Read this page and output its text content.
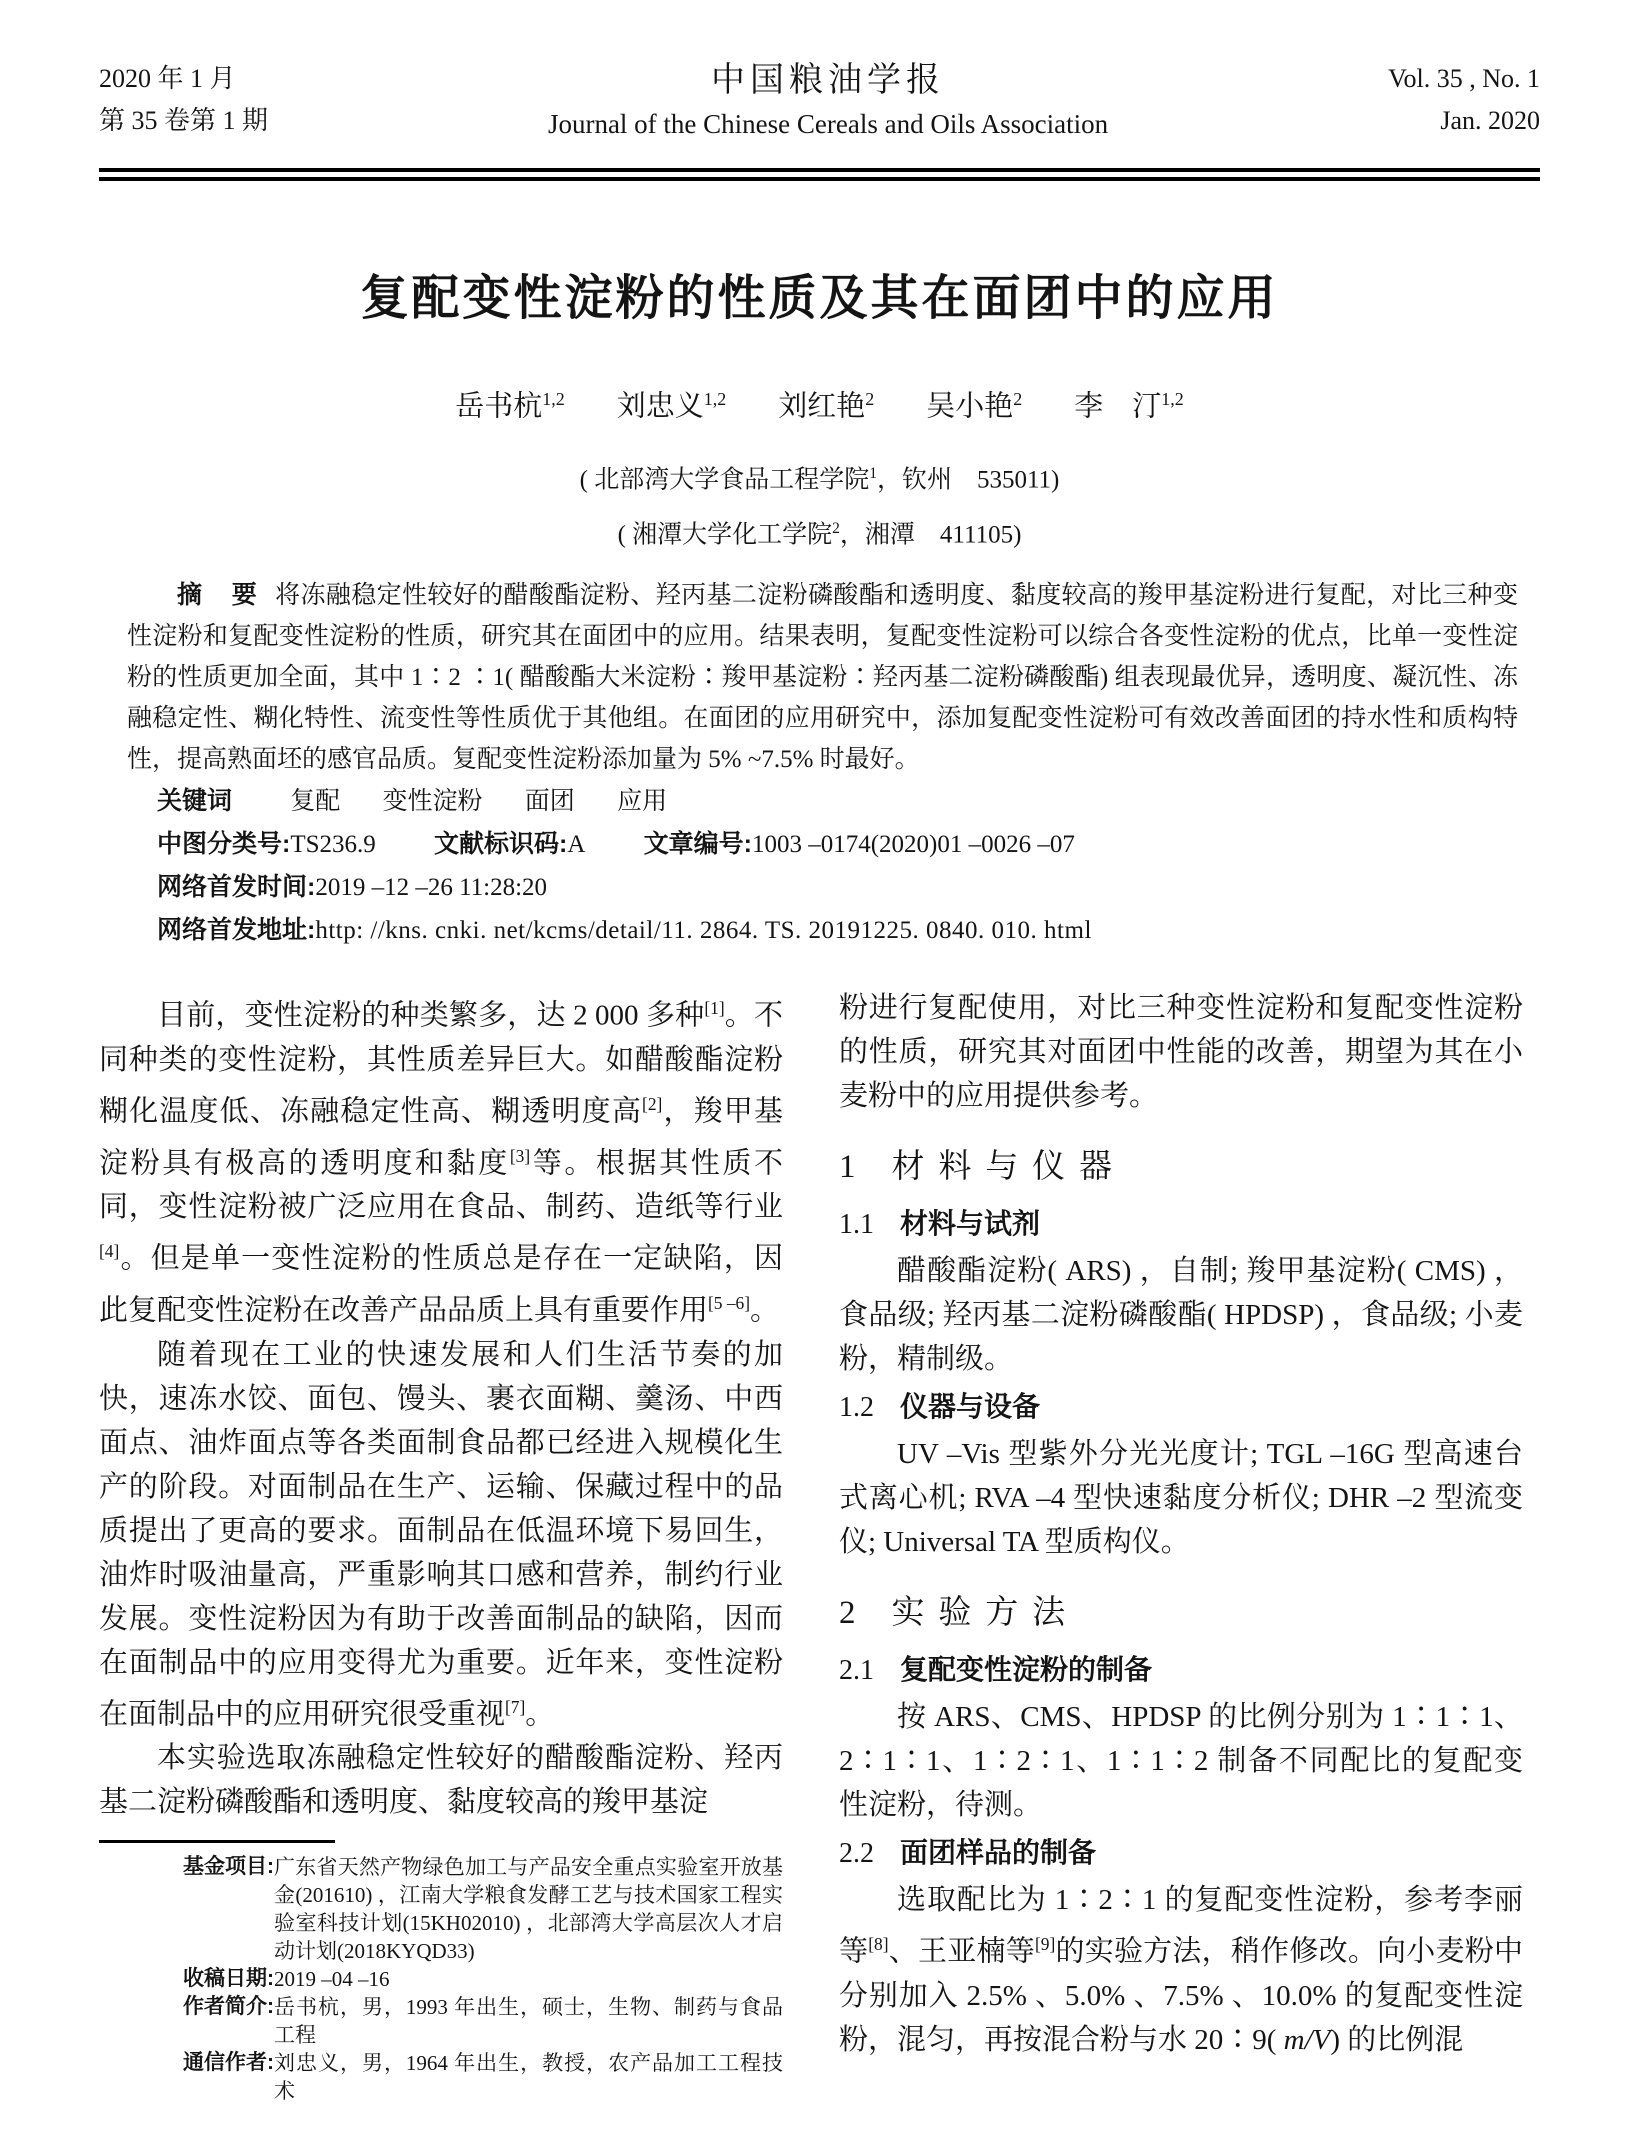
2020 年 1 月
第 35 卷第 1 期
中国粮油学报
Journal of the Chinese Cereals and Oils Association
Vol. 35 , No. 1
Jan. 2020
复配变性淀粉的性质及其在面团中的应用
岳书杭$^{1,2}$ 刘忠义$^{1,2}$ 刘红艳$^2$ 吴小艳$^2$ 李　汀$^{1,2}$
( 北部湾大学食品工程学院$^1$，钦州　535011)
( 湘潭大学化工学院$^2$，湘潭　411105)
摘　要 将冻融稳定性较好的醋酸酯淀粉、羟丙基二淀粉磷酸酯和透明度、黏度较高的羧甲基淀粉进行复配，对比三种变性淀粉和复配变性淀粉的性质，研究其在面团中的应用。结果表明，复配变性淀粉可以综合各变性淀粉的优点，比单一变性淀粉的性质更加全面，其中 1∶2 ∶1( 醋酸酯大米淀粉∶羧甲基淀粉∶羟丙基二淀粉磷酸酯) 组表现最优异，透明度、凝沉性、冻融稳定性、糊化特性、流变性等性质优于其他组。在面团的应用研究中，添加复配变性淀粉可有效改善面团的持水性和质构特性，提高熟面坯的感官品质。复配变性淀粉添加量为 5% ~7.5% 时最好。
关键词 复配 变性淀粉 面团 应用
中图分类号:TS236.9 文献标识码:A 文章编号:1003 –0174(2020)01 –0026 –07
网络首发时间:2019 –12 –26 11:28:20
网络首发地址:http: //kns. cnki. net/kcms/detail/11. 2864. TS. 20191225. 0840. 010. html

目前，变性淀粉的种类繁多，达 2 000 多种[1]。不同种类的变性淀粉，其性质差异巨大。如醋酸酯淀粉糊化温度低、冻融稳定性高、糊透明度高[2]，羧甲基淀粉具有极高的透明度和黏度[3]等。根据其性质不同，变性淀粉被广泛应用在食品、制药、造纸等行业[4]。但是单一变性淀粉的性质总是存在一定缺陷，因此复配变性淀粉在改善产品品质上具有重要作用[5 –6]。

随着现在工业的快速发展和人们生活节奏的加快，速冻水饺、面包、馒头、裹衣面糊、羹汤、中西面点、油炸面点等各类面制食品都已经进入规模化生产的阶段。对面制品在生产、运输、保藏过程中的品质提出了更高的要求。面制品在低温环境下易回生，油炸时吸油量高，严重影响其口感和营养，制约行业发展。变性淀粉因为有助于改善面制品的缺陷，因而在面制品中的应用变得尤为重要。近年来，变性淀粉在面制品中的应用研究很受重视[7]。

本实验选取冻融稳定性较好的醋酸酯淀粉、羟丙基二淀粉磷酸酯和透明度、黏度较高的羧甲基淀

基金项目: 广东省天然产物绿色加工与产品安全重点实验室开放基金(201610) ，江南大学粮食发酵工艺与技术国家工程实验室科技计划(15KH02010) ，北部湾大学高层次人才启动计划(2018KYQD33)
收稿日期: 2019 –04 –16
作者简介: 岳书杭，男，1993 年出生，硕士，生物、制药与食品工程
通信作者: 刘忠义，男，1964 年出生，教授，农产品加工工程技术

粉进行复配使用，对比三种变性淀粉和复配变性淀粉的性质，研究其对面团中性能的改善，期望为其在小麦粉中的应用提供参考。

1 材料与仪器
1.1 材料与试剂

醋酸酯淀粉( ARS) ，自制; 羧甲基淀粉( CMS) ，食品级; 羟丙基二淀粉磷酸酯( HPDSP) ，食品级; 小麦粉，精制级。

1.2 仪器与设备

UV –Vis 型紫外分光光度计; TGL –16G 型高速台式离心机; RVA –4 型快速黏度分析仪; DHR –2 型流变仪; Universal TA 型质构仪。

2 实验方法
2.1 复配变性淀粉的制备

按 ARS、CMS、HPDSP 的比例分别为 1∶1∶1、2∶1∶1、1∶2∶1、1∶1∶2 制备不同配比的复配变性淀粉，待测。

2.2 面团样品的制备

选取配比为 1∶2∶1 的复配变性淀粉，参考李丽等[8]、王亚楠等[9]的实验方法，稍作修改。向小麦粉中分别加入 2.5% 、5.0% 、7.5% 、10.0% 的复配变性淀粉，混匀，再按混合粉与水 20∶9( m/V) 的比例混
